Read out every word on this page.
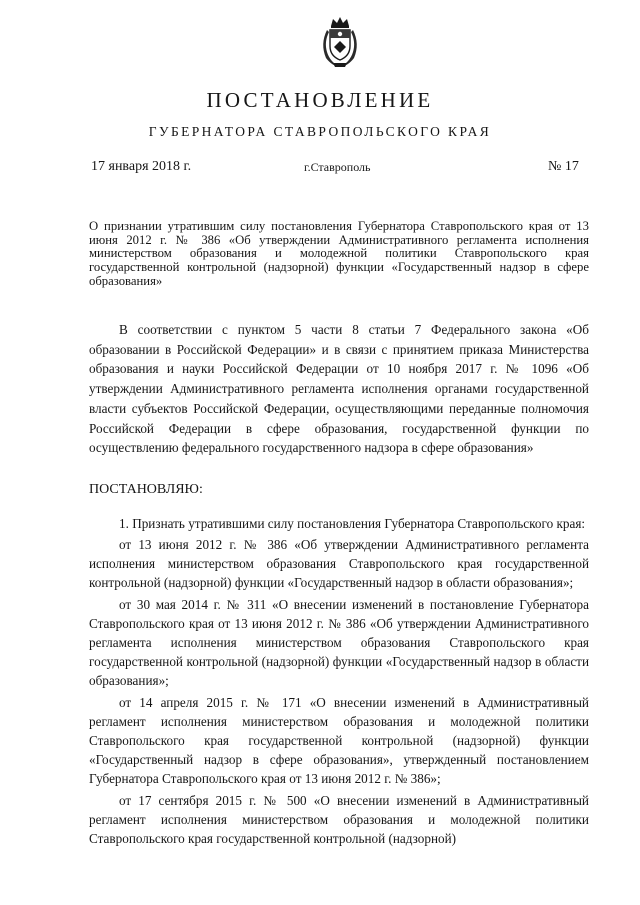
ПОСТАНОВЛЕНИЕ
ГУБЕРНАТОРА СТАВРОПОЛЬСКОГО КРАЯ
17 января 2018 г.	г.Ставрополь	№ 17
О признании утратившим силу постановления Губернатора Ставропольского края от 13 июня 2012 г. № 386 «Об утверждении Административного регламента исполнения министерством образования и молодежной политики Ставропольского края государственной контрольной (надзорной) функции «Государственный надзор в сфере образования»
В соответствии с пунктом 5 части 8 статьи 7 Федерального закона «Об образовании в Российской Федерации» и в связи с принятием приказа Министерства образования и науки Российской Федерации от 10 ноября 2017 г. № 1096 «Об утверждении Административного регламента исполнения органами государственной власти субъектов Российской Федерации, осуществляющими переданные полномочия Российской Федерации в сфере образования, государственной функции по осуществлению федерального государственного надзора в сфере образования»
ПОСТАНОВЛЯЮ:

1. Признать утратившими силу постановления Губернатора Ставропольского края:

от 13 июня 2012 г. № 386 «Об утверждении Административного регламента исполнения министерством образования Ставропольского края государственной контрольной (надзорной) функции «Государственный надзор в области образования»;

от 30 мая 2014 г. № 311 «О внесении изменений в постановление Губернатора Ставропольского края от 13 июня 2012 г. № 386 «Об утверждении Административного регламента исполнения министерством образования Ставропольского края государственной контрольной (надзорной) функции «Государственный надзор в области образования»;

от 14 апреля 2015 г. № 171 «О внесении изменений в Административный регламент исполнения министерством образования и молодежной политики Ставропольского края государственной контрольной (надзорной) функции «Государственный надзор в сфере образования», утвержденный постановлением Губернатора Ставропольского края от 13 июня 2012 г. № 386»;

от 17 сентября 2015 г. № 500 «О внесении изменений в Административный регламент исполнения министерством образования и молодежной политики Ставропольского края государственной контрольной (надзорной)
